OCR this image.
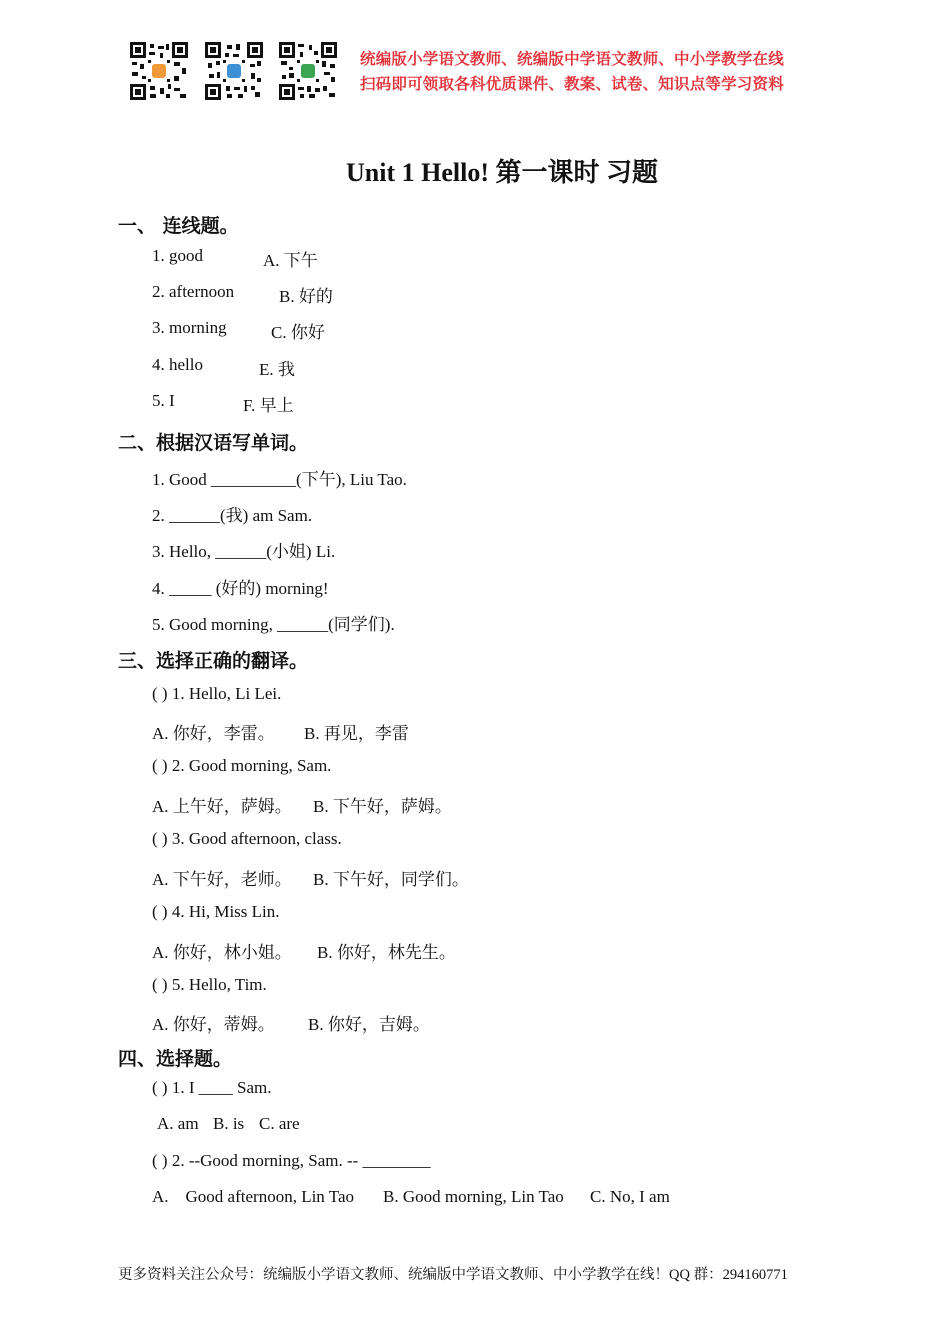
统编版小学语文教师、统编版中学语文教师、中小学教学在线
扫码即可领取各科优质课件、教案、试卷、知识点等学习资料
Unit 1 Hello! 第一课时 习题
一、 连线题。
1. good	A. 下午
2. afternoon	B. 好的
3. morning	C. 你好
4. hello	E. 我
5. I	F. 早上
二、根据汉语写单词。
1. Good __________(下午), Liu Tao.
2. ______(我) am Sam.
3. Hello, ______(小姐) Li.
4. _____ (好的) morning!
5. Good morning, ______(同学们).
三、选择正确的翻译。
( ) 1. Hello, Li Lei.
A. 你好，李雷。 B. 再见，李雷
( ) 2. Good morning, Sam.
A. 上午好，萨姆。 B. 下午好，萨姆。
( ) 3. Good afternoon, class.
A. 下午好，老师。 B. 下午好，同学们。
( ) 4. Hi, Miss Lin.
A. 你好，林小姐。 B. 你好，林先生。
( ) 5. Hello, Tim.
A. 你好，蒂姆。 B. 你好，吉姆。
四、选择题。
( ) 1. I ____ Sam.
A. am B. is C. are
( ) 2. --Good morning, Sam. -- ________
A.    Good afternoon, Lin Tao B. Good morning, Lin Tao C. No, I am
更多资料关注公众号：统编版小学语文教师、统编版中学语文教师、中小学教学在线！QQ 群：294160771
